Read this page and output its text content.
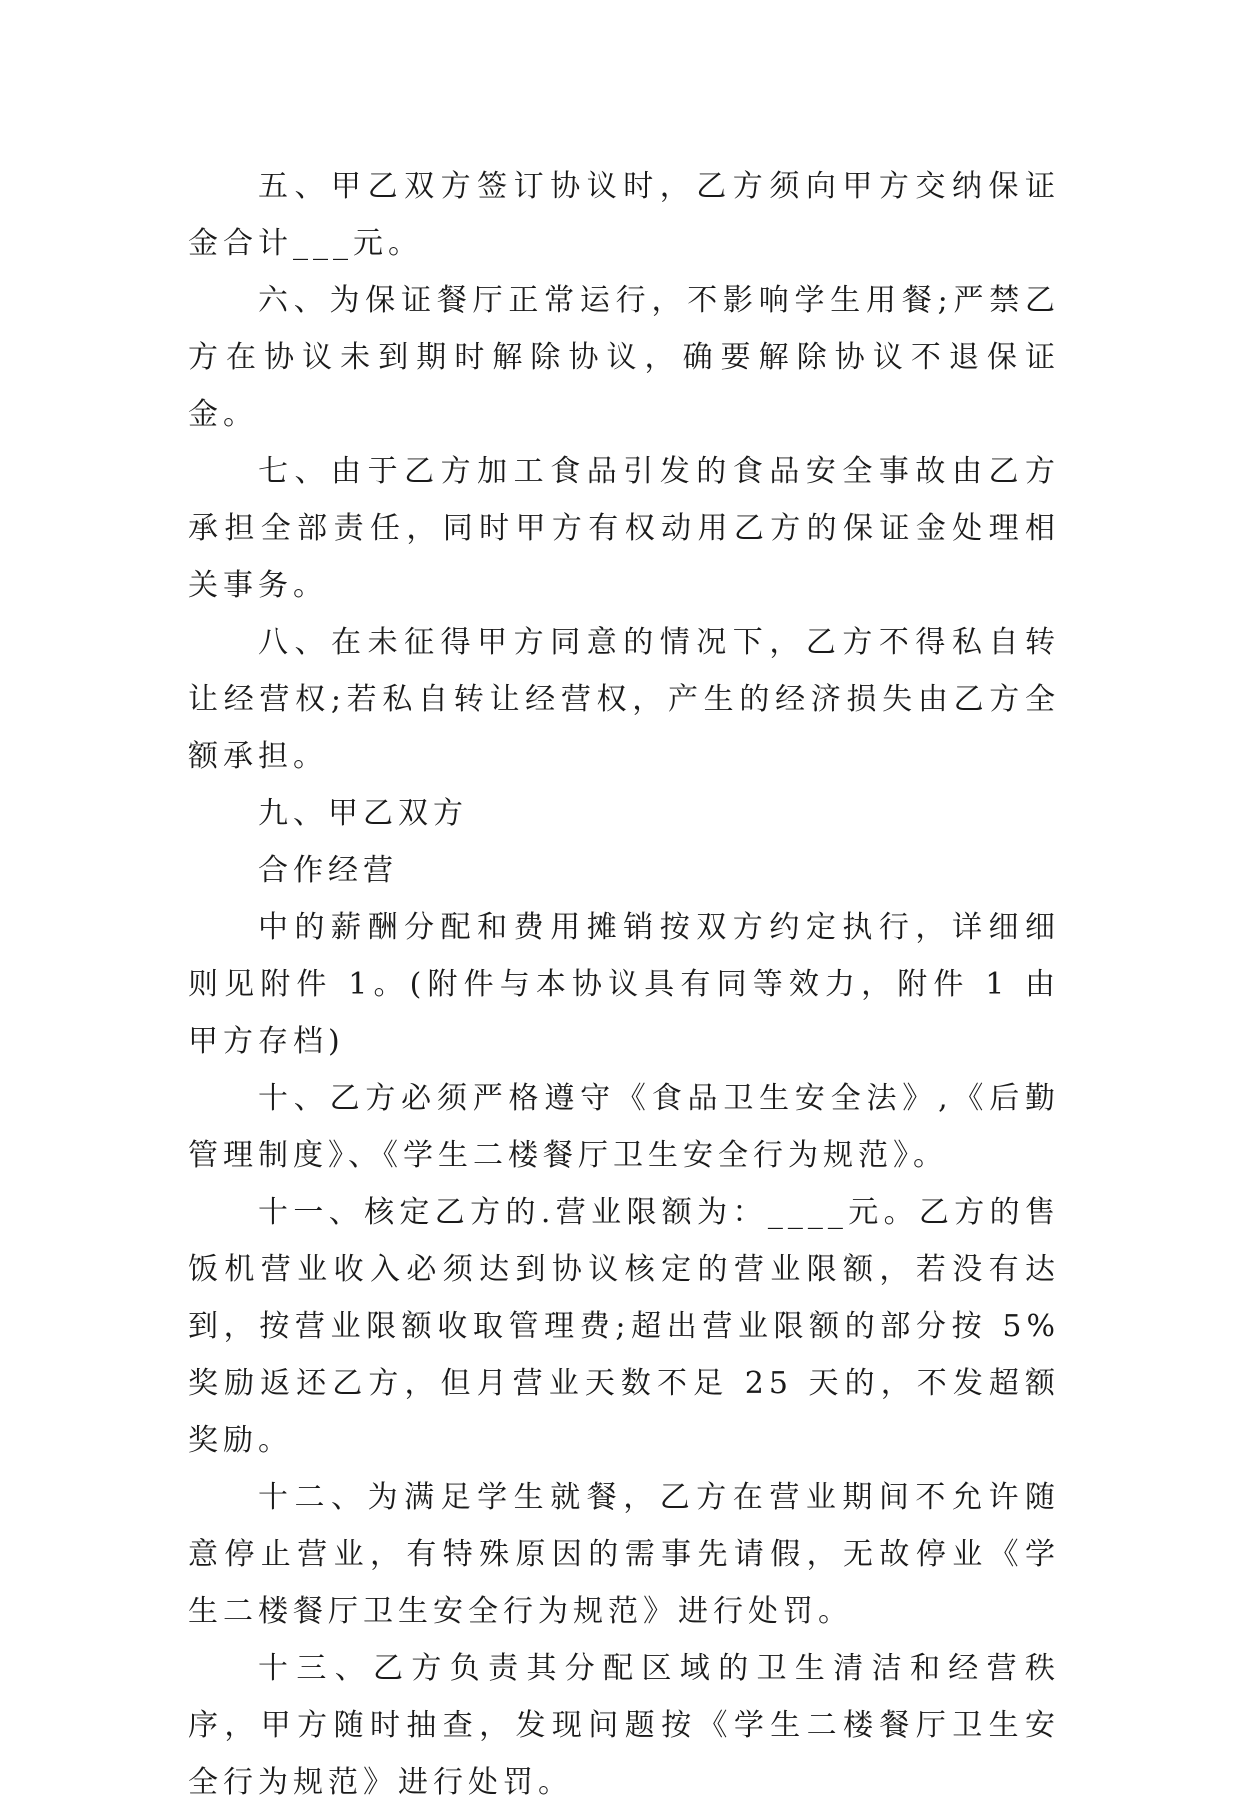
五、甲乙双方签订协议时，乙方须向甲方交纳保证金合计___元。

六、为保证餐厅正常运行，不影响学生用餐;严禁乙方在协议未到期时解除协议，确要解除协议不退保证金。

七、由于乙方加工食品引发的食品安全事故由乙方承担全部责任，同时甲方有权动用乙方的保证金处理相关事务。

八、在未征得甲方同意的情况下，乙方不得私自转让经营权;若私自转让经营权，产生的经济损失由乙方全额承担。

九、甲乙双方

合作经营

中的薪酬分配和费用摊销按双方约定执行，详细细则见附件 1。(附件与本协议具有同等效力，附件 1 由甲方存档)

十、乙方必须严格遵守《食品卫生安全法》,《后勤管理制度》、《学生二楼餐厅卫生安全行为规范》。

十一、核定乙方的.营业限额为：____元。乙方的售饭机营业收入必须达到协议核定的营业限额，若没有达到，按营业限额收取管理费;超出营业限额的部分按 5%奖励返还乙方，但月营业天数不足 25 天的，不发超额奖励。

十二、为满足学生就餐，乙方在营业期间不允许随意停止营业，有特殊原因的需事先请假，无故停业《学生二楼餐厅卫生安全行为规范》进行处罚。

十三、乙方负责其分配区域的卫生清洁和经营秩序，甲方随时抽查，发现问题按《学生二楼餐厅卫生安全行为规范》进行处罚。
